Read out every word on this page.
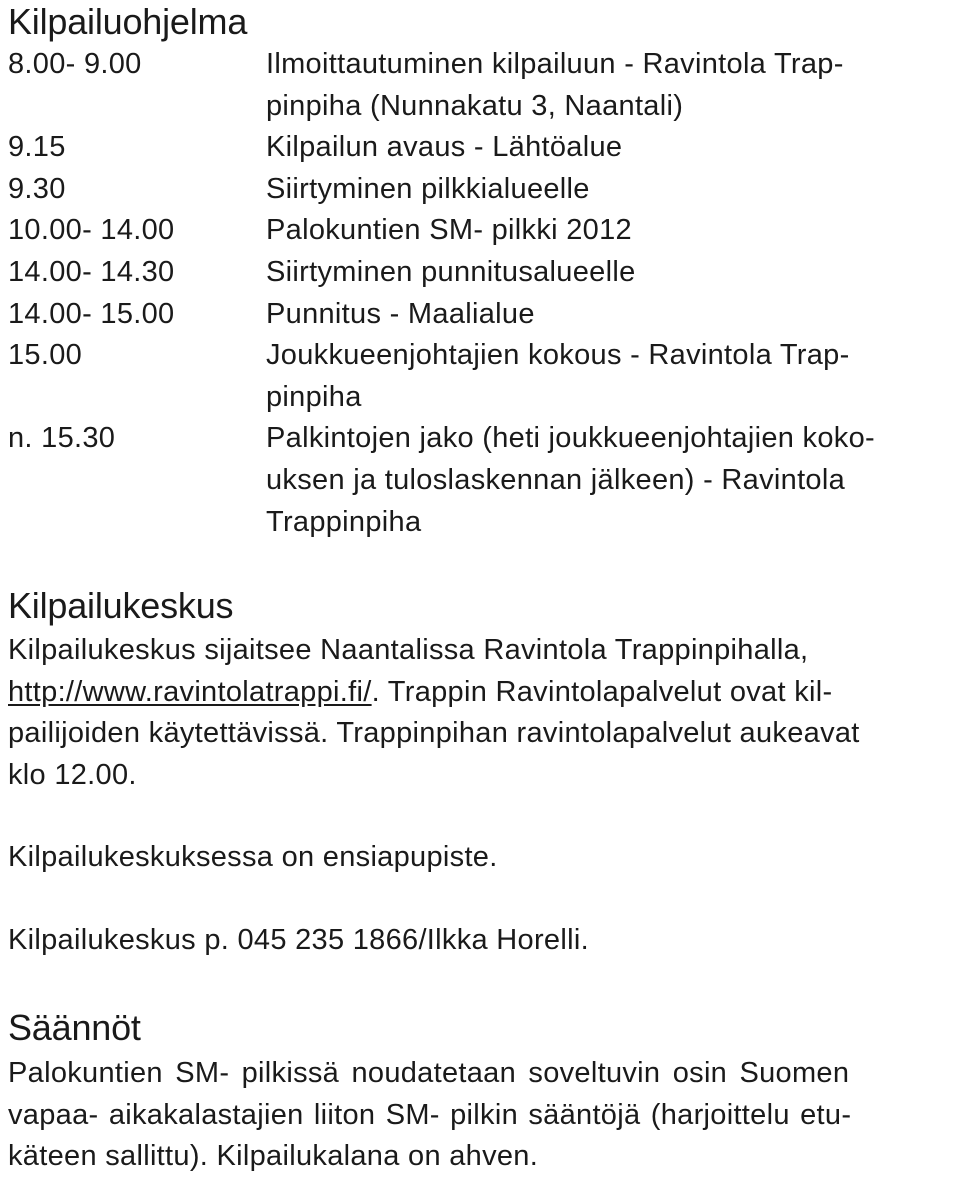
Kilpailuohjelma
8.00- 9.00	Ilmoittautuminen kilpailuun - Ravintola Trap-
pinpiha (Nunnakatu 3, Naantali)
9.15	Kilpailun avaus - Lähtöalue
9.30	Siirtyminen pilkkialueelle
10.00- 14.00	Palokuntien SM- pilkki 2012
14.00- 14.30	Siirtyminen punnitusalueelle
14.00- 15.00	Punnitus - Maalialue
15.00	Joukkueenjohtajien kokous - Ravintola Trap-
pinpiha
n. 15.30	Palkintojen jako (heti joukkueenjohtajien koko-
uksen ja tuloslaskennan jälkeen) - Ravintola
Trappinpiha
Kilpailukeskus
Kilpailukeskus sijaitsee Naantalissa Ravintola Trappinpihalla,
http://www.ravintolatrappi.fi/. Trappin Ravintolapalvelut ovat kil-
pailijoiden käytettävissä. Trappinpihan ravintolapalvelut aukeavat
klo 12.00.
Kilpailukeskuksessa on ensiapupiste.
Kilpailukeskus p. 045 235 1866/Ilkka Horelli.
Säännöt
Palokuntien SM- pilkissä noudatetaan soveltuvin osin Suomen
vapaa- aikakalastajien liiton SM- pilkin sääntöjä (harjoittelu etu-
käteen sallittu). Kilpailukalana on ahven.
